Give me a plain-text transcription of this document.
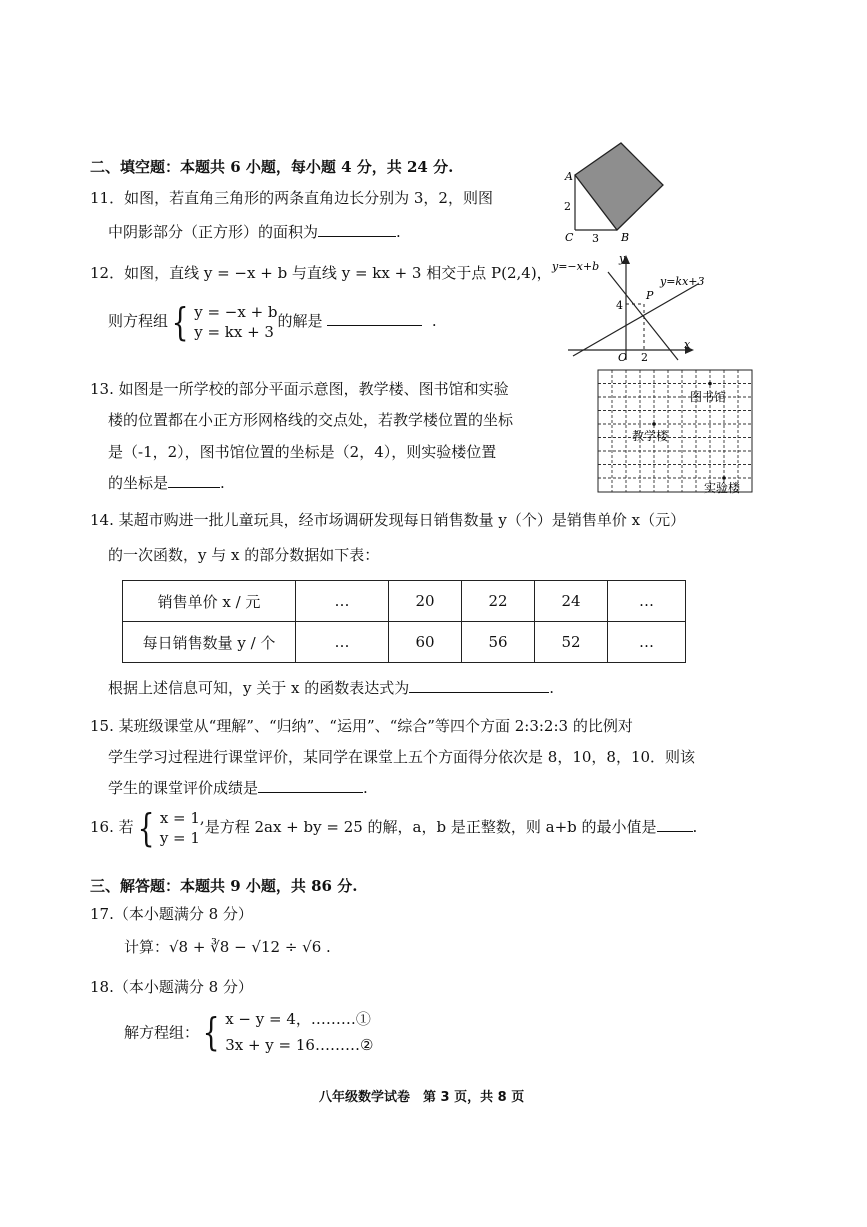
二、填空题：本题共 6 小题，每小题 4 分，共 24 分.
11．如图，若直角三角形的两条直角边长分别为 3，2，则图
中阴影部分（正方形）的面积为	.
A
B
C
2
3
12．如图，直线 y = −x + b 与直线 y = kx + 3 相交于点 P(2,4)，
则方程组{ y = −x + b
y = kx + 3的解是	.
y=−x+b
y=kx+3
P
y
x
O
4
2
13. 如图是一所学校的部分平面示意图，教学楼、图书馆和实验
楼的位置都在小正方形网格线的交点处，若教学楼位置的坐标
是（-1，2），图书馆位置的坐标是（2，4），则实验楼位置
的坐标是	.
图书馆
教学楼
实验楼
14. 某超市购进一批儿童玩具，经市场调研发现每日销售数量 y（个）是销售单价 x（元）
的一次函数，y 与 x 的部分数据如下表：
销售单价 x / 元	…	20	22	24	…
每日销售数量 y / 个	…	60	56	52	…
根据上述信息可知，y 关于 x 的函数表达式为	.
15. 某班级课堂从“理解”、“归纳”、“运用”、“综合”等四个方面 2:3:2:3 的比例对
学生学习过程进行课堂评价，某同学在课堂上五个方面得分依次是 8，10，8，10．则该
学生的课堂评价成绩是	.
16. 若{ x = 1,
y = 1是方程 2ax + by = 25 的解，a，b 是正整数，则 a+b 的最小值是 .
三、解答题：本题共 9 小题，共 86 分.
17.（本小题满分 8 分）
计算：√8 + ∛8 − √12 ÷ √6 .
18.（本小题满分 8 分）
解方程组：{ x − y = 4，………①
3x + y = 16………②
八年级数学试卷　第 3 页，共 8 页
